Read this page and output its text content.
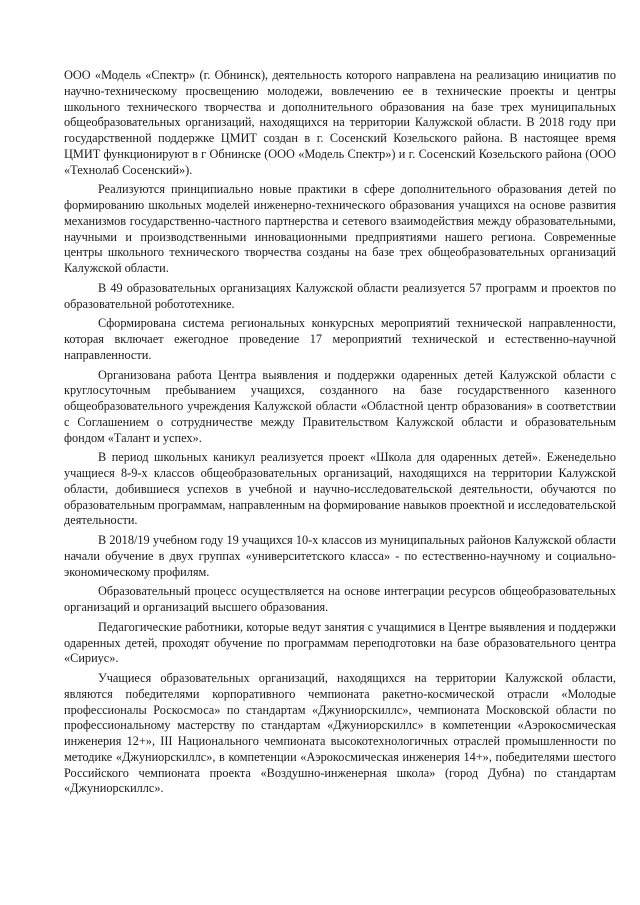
ООО «Модель «Спектр» (г. Обнинск), деятельность которого направлена на реализацию инициатив по научно-техническому просвещению молодежи, вовлечению ее в технические проекты и центры школьного технического творчества и дополнительного образования на базе трех муниципальных общеобразовательных организаций, находящихся на территории Калужской области. В 2018 году при государственной поддержке ЦМИТ создан в г. Сосенский Козельского района. В настоящее время ЦМИТ функционируют в г Обнинске (ООО «Модель Спектр») и г. Сосенский Козельского района (ООО «Технолаб Сосенский»).

Реализуются принципиально новые практики в сфере дополнительного образования детей по формированию школьных моделей инженерно-технического образования учащихся на основе развития механизмов государственно-частного партнерства и сетевого взаимодействия между образовательными, научными и производственными инновационными предприятиями нашего региона. Современные центры школьного технического творчества созданы на базе трех общеобразовательных организаций Калужской области.

В 49 образовательных организациях Калужской области реализуется 57 программ и проектов по образовательной робототехнике.

Сформирована система региональных конкурсных мероприятий технической направленности, которая включает ежегодное проведение 17 мероприятий технической и естественно-научной направленности.

Организована работа Центра выявления и поддержки одаренных детей Калужской области с круглосуточным пребыванием учащихся, созданного на базе государственного казенного общеобразовательного учреждения Калужской области «Областной центр образования» в соответствии с Соглашением о сотрудничестве между Правительством Калужской области и образовательным фондом «Талант и успех».

В период школьных каникул реализуется проект «Школа для одаренных детей». Еженедельно учащиеся 8-9-х классов общеобразовательных организаций, находящихся на территории Калужской области, добившиеся успехов в учебной и научно-исследовательской деятельности, обучаются по образовательным программам, направленным на формирование навыков проектной и исследовательской деятельности.

В 2018/19 учебном году 19 учащихся 10-х классов из муниципальных районов Калужской области начали обучение в двух группах «университетского класса» - по естественно-научному и социально-экономическому профилям.

Образовательный процесс осуществляется на основе интеграции ресурсов общеобразовательных организаций и организаций высшего образования.

Педагогические работники, которые ведут занятия с учащимися в Центре выявления и поддержки одаренных детей, проходят обучение по программам переподготовки на базе образовательного центра «Сириус».

Учащиеся образовательных организаций, находящихся на территории Калужской области, являются победителями корпоративного чемпионата ракетно-космической отрасли «Молодые профессионалы Роскосмоса» по стандартам «Джуниорскиллс», чемпионата Московской области по профессиональному мастерству по стандартам «Джуниорскиллс» в компетенции «Аэрокосмическая инженерия 12+», III Национального чемпионата высокотехнологичных отраслей промышленности по методике «Джуниорскиллс», в компетенции «Аэрокосмическая инженерия 14+», победителями шестого Российского чемпионата проекта «Воздушно-инженерная школа» (город Дубна) по стандартам «Джуниорскиллс».
